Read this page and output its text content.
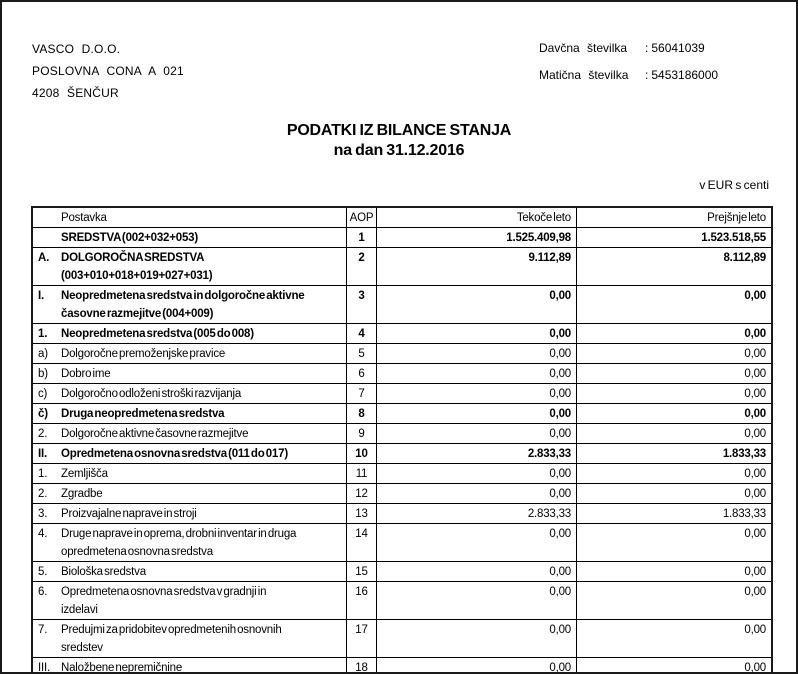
VASCO D.O.O.
POSLOVNA CONA A 021
4208 ŠENČUR
Davčna številka	: 56041039
Matična številka	: 5453186000
PODATKI IZ BILANCE STANJA
na dan 31.12.2016
v EUR s centi
Postavka	AOP	Tekoče leto	Prejšnje leto
SREDSTVA (002+032+053)	1	1.525.409,98	1.523.518,55
A.	DOLGOROČNA SREDSTVA
(003+010+018+019+027+031)
2	9.112,89	8.112,89
I.	Neopredmetena sredstva in dolgoročne aktivne
časovne razmejitve (004+009)
3	0,00	0,00
1.	Neopredmetena sredstva (005 do 008)	4	0,00	0,00
a)	Dolgoročne premoženjske pravice	5	0,00	0,00
b)	Dobro ime	6	0,00	0,00
c)	Dolgoročno odloženi stroški razvijanja	7	0,00	0,00
č)	Druga neopredmetena sredstva	8	0,00	0,00
2.	Dolgoročne aktivne časovne razmejitve	9	0,00	0,00
II.	Opredmetena osnovna sredstva (011 do 017)	10	2.833,33	1.833,33
1.	Zemljišča	11	0,00	0,00
2.	Zgradbe	12	0,00	0,00
3.	Proizvajalne naprave in stroji	13	2.833,33	1.833,33
4.	Druge naprave in oprema, drobni inventar in druga
opredmetena osnovna sredstva
14	0,00	0,00
5.	Biološka sredstva	15	0,00	0,00
6.	Opredmetena osnovna sredstva v gradnji in
izdelavi
16	0,00	0,00
7.	Predujmi za pridobitev opredmetenih osnovnih
sredstev
17	0,00	0,00
III. Naložbene nepremičnine	18	0,00	0,00
